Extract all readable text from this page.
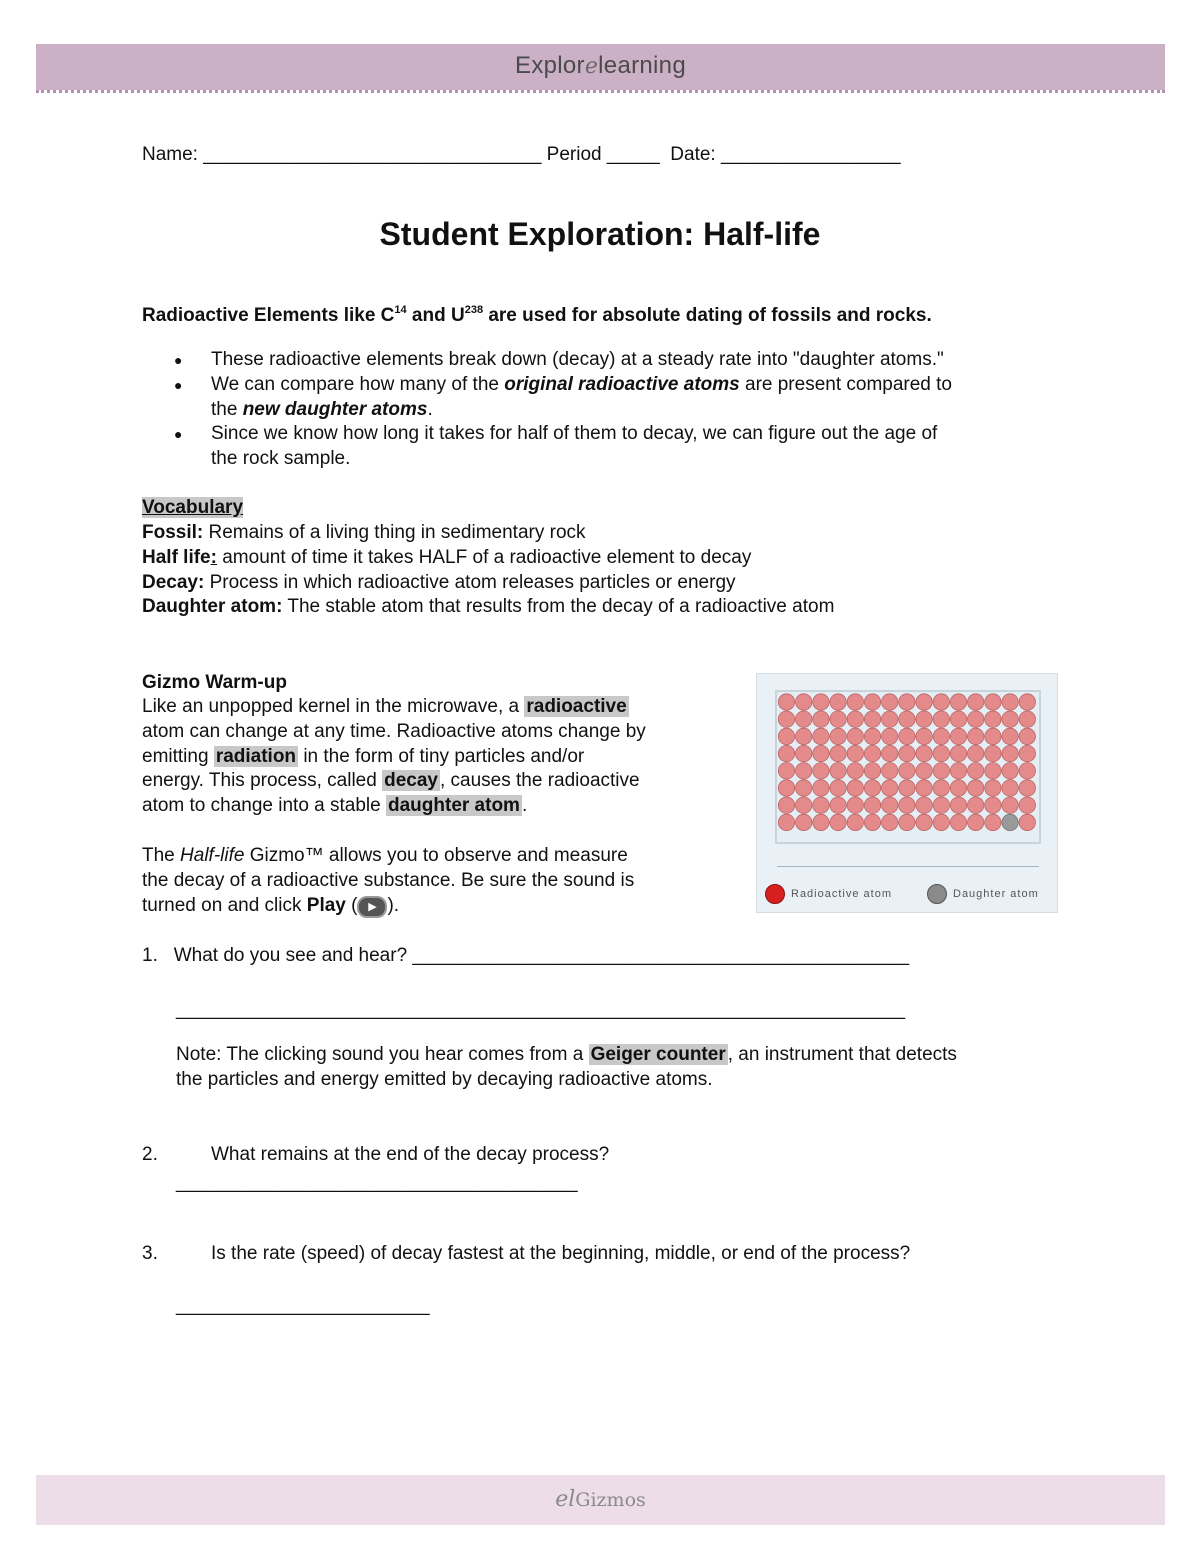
Explorelearning
Name: ________________________________ Period _____ Date: _________________
Student Exploration: Half-life
Radioactive Elements like $C^{14}$ and $U^{238}$ are used for absolute dating of fossils and rocks.
● These radioactive elements break down (decay) at a steady rate into "daughter atoms."
● We can compare how many of the original radioactive atoms are present compared to
the new daughter atoms.
● Since we know how long it takes for half of them to decay, we can figure out the age of
the rock sample.
Vocabulary
Fossil: Remains of a living thing in sedimentary rock
Half life: amount of time it takes HALF of a radioactive element to decay
Decay: Process in which radioactive atom releases particles or energy
Daughter atom: The stable atom that results from the decay of a radioactive atom
Gizmo Warm-up
Like an unpopped kernel in the microwave, a radioactive
atom can change at any time. Radioactive atoms change by
emitting radiation in the form of tiny particles and/or
energy. This process, called decay , causes the radioactive
atom to change into a stable daughter atom .
The Half-life Gizmo™ allows you to observe and measure
the decay of a radioactive substance. Be sure the sound is
turned on and click Play ( ▶ ).
Radioactive atom	Daughter atom
1. What do you see and hear? _______________________________________________
_____________________________________________________________________
Note: The clicking sound you hear comes from a Geiger counter , an instrument that detects
the particles and energy emitted by decaying radioactive atoms.
2.	What remains at the end of the decay process?
______________________________________
3.	Is the rate (speed) of decay fastest at the beginning, middle, or end of the process?
________________________
elGizmos
